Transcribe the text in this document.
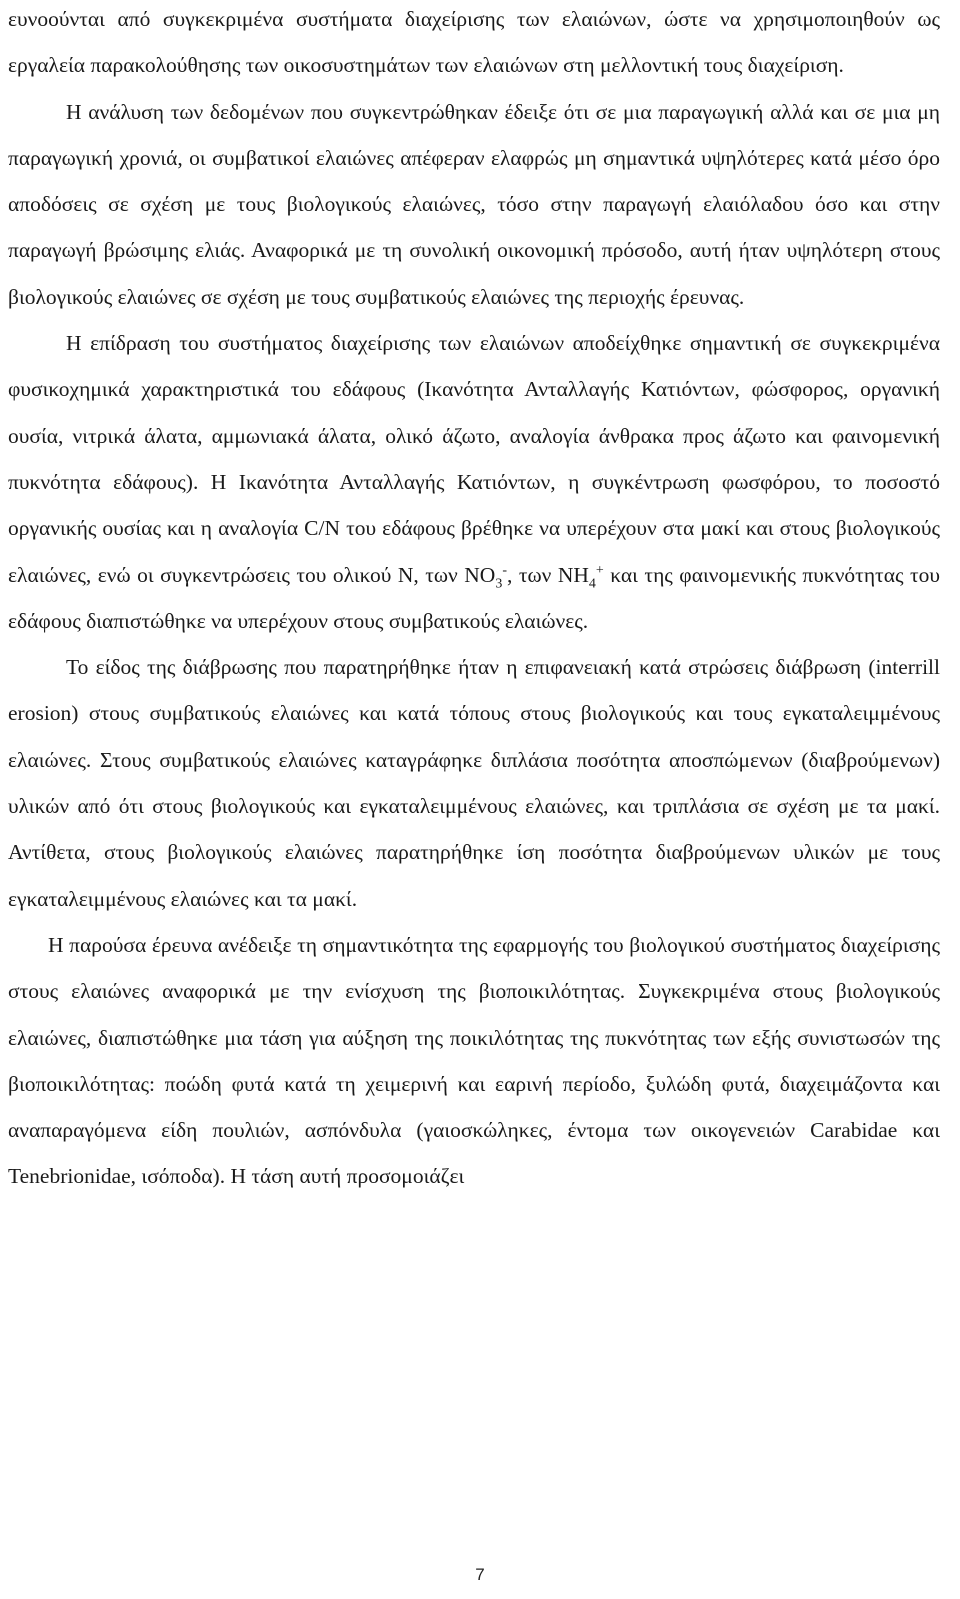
ευνοούνται από συγκεκριμένα συστήματα διαχείρισης των ελαιώνων, ώστε να χρησιμοποιηθούν ως εργαλεία παρακολούθησης των οικοσυστημάτων των ελαιώνων στη μελλοντική τους διαχείριση.

Η ανάλυση των δεδομένων που συγκεντρώθηκαν έδειξε ότι σε μια παραγωγική αλλά και σε μια μη παραγωγική χρονιά, οι συμβατικοί ελαιώνες απέφεραν ελαφρώς μη σημαντικά υψηλότερες κατά μέσο όρο αποδόσεις σε σχέση με τους βιολογικούς ελαιώνες, τόσο στην παραγωγή ελαιόλαδου όσο και στην παραγωγή βρώσιμης ελιάς. Αναφορικά με τη συνολική οικονομική πρόσοδο, αυτή ήταν υψηλότερη στους βιολογικούς ελαιώνες σε σχέση με τους συμβατικούς ελαιώνες της περιοχής έρευνας.

Η επίδραση του συστήματος διαχείρισης των ελαιώνων αποδείχθηκε σημαντική σε συγκεκριμένα φυσικοχημικά χαρακτηριστικά του εδάφους (Ικανότητα Ανταλλαγής Κατιόντων, φώσφορος, οργανική ουσία, νιτρικά άλατα, αμμωνιακά άλατα, ολικό άζωτο, αναλογία άνθρακα προς άζωτο και φαινομενική πυκνότητα εδάφους). Η Ικανότητα Ανταλλαγής Κατιόντων, η συγκέντρωση φωσφόρου, το ποσοστό οργανικής ουσίας και η αναλογία C/N του εδάφους βρέθηκε να υπερέχουν στα μακί και στους βιολογικούς ελαιώνες, ενώ οι συγκεντρώσεις του ολικού N, των $NO_3^-$, των $NH_4^+$ και της φαινομενικής πυκνότητας του εδάφους διαπιστώθηκε να υπερέχουν στους συμβατικούς ελαιώνες.

Το είδος της διάβρωσης που παρατηρήθηκε ήταν η επιφανειακή κατά στρώσεις διάβρωση (interrill erosion) στους συμβατικούς ελαιώνες και κατά τόπους στους βιολογικούς και τους εγκαταλειμμένους ελαιώνες. Στους συμβατικούς ελαιώνες καταγράφηκε διπλάσια ποσότητα αποσπώμενων (διαβρούμενων) υλικών από ότι στους βιολογικούς και εγκαταλειμμένους ελαιώνες, και τριπλάσια σε σχέση με τα μακί. Αντίθετα, στους βιολογικούς ελαιώνες παρατηρήθηκε ίση ποσότητα διαβρούμενων υλικών με τους εγκαταλειμμένους ελαιώνες και τα μακί.

Η παρούσα έρευνα ανέδειξε τη σημαντικότητα της εφαρμογής του βιολογικού συστήματος διαχείρισης στους ελαιώνες αναφορικά με την ενίσχυση της βιοποικιλότητας. Συγκεκριμένα στους βιολογικούς ελαιώνες, διαπιστώθηκε μια τάση για αύξηση της ποικιλότητας της πυκνότητας των εξής συνιστωσών της βιοποικιλότητας: ποώδη φυτά κατά τη χειμερινή και εαρινή περίοδο, ξυλώδη φυτά, διαχειμάζοντα και αναπαραγόμενα είδη πουλιών, ασπόνδυλα (γαιοσκώληκες, έντομα των οικογενειών Carabidae και Tenebrionidae, ισόποδα). Η τάση αυτή προσομοιάζει

7
